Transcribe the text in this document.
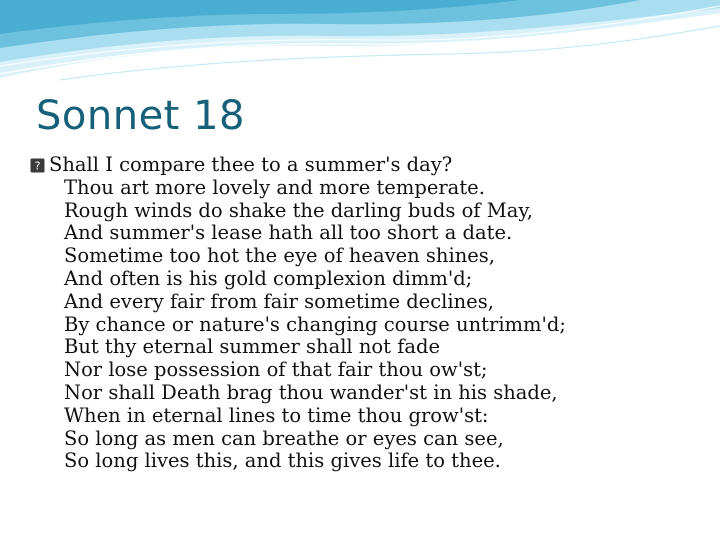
Sonnet 18
? Shall I compare thee to a summer's day?
Thou art more lovely and more temperate.
Rough winds do shake the darling buds of May,
And summer's lease hath all too short a date.
Sometime too hot the eye of heaven shines,
And often is his gold complexion dimm'd;
And every fair from fair sometime declines,
By chance or nature's changing course untrimm'd;
But thy eternal summer shall not fade
Nor lose possession of that fair thou ow'st;
Nor shall Death brag thou wander'st in his shade,
When in eternal lines to time thou grow'st:
So long as men can breathe or eyes can see,
So long lives this, and this gives life to thee.
